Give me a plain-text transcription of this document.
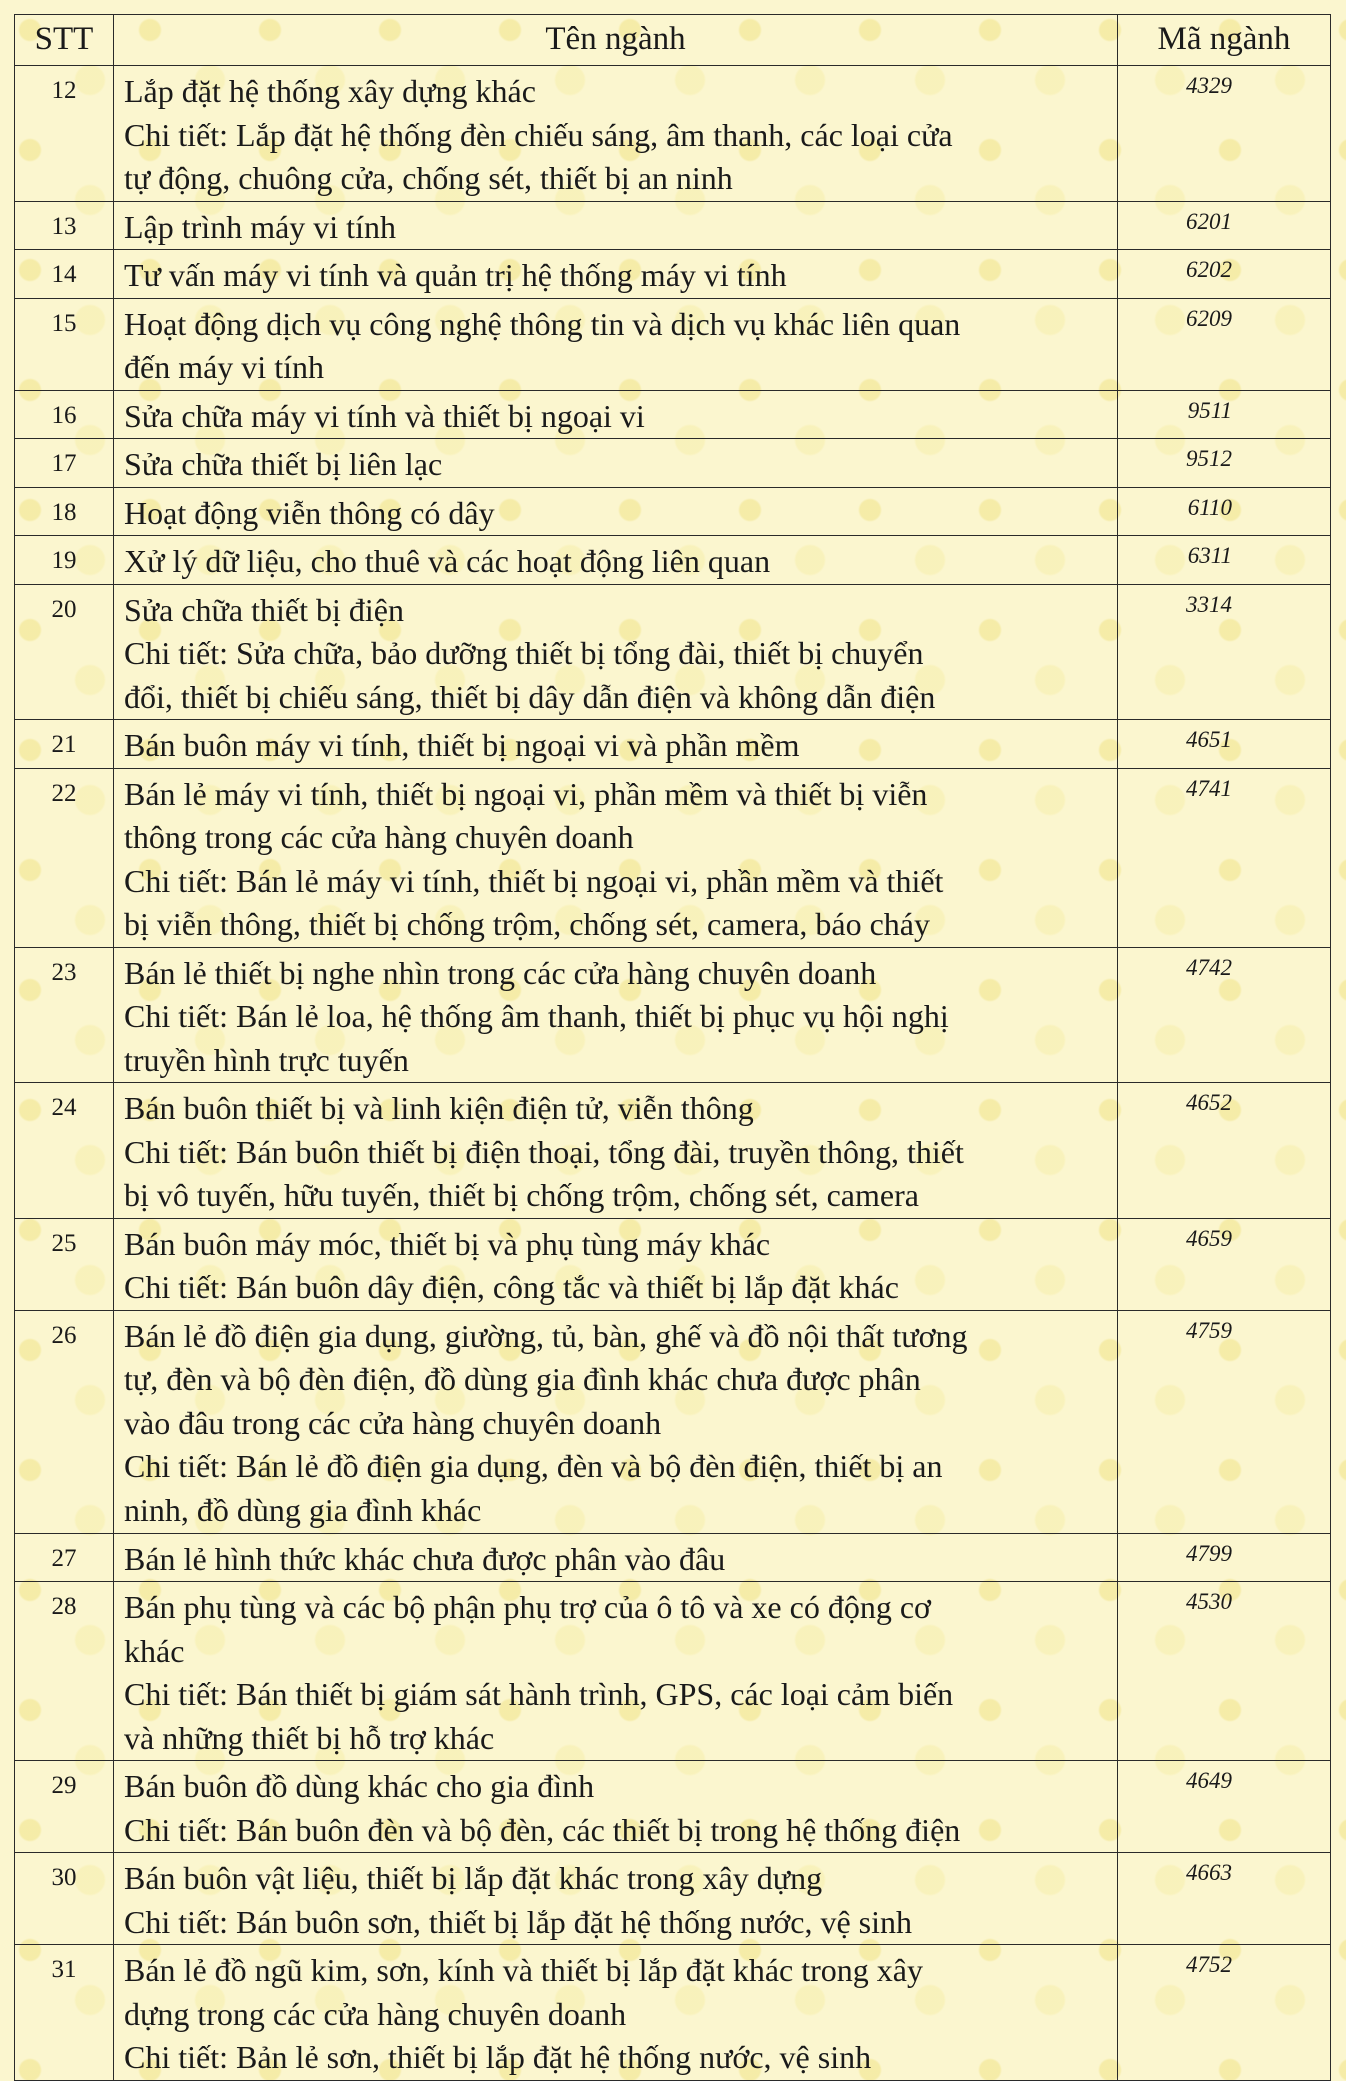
STT	Tên ngành	Mã ngành
12	Lắp đặt hệ thống xây dựng khác
Chi tiết: Lắp đặt hệ thống đèn chiếu sáng, âm thanh, các loại cửa
tự động, chuông cửa, chống sét, thiết bị an ninh	4329
13	Lập trình máy vi tính	6201
14	Tư vấn máy vi tính và quản trị hệ thống máy vi tính	6202
15	Hoạt động dịch vụ công nghệ thông tin và dịch vụ khác liên quan
đến máy vi tính	6209
16	Sửa chữa máy vi tính và thiết bị ngoại vi	9511
17	Sửa chữa thiết bị liên lạc	9512
18	Hoạt động viễn thông có dây	6110
19	Xử lý dữ liệu, cho thuê và các hoạt động liên quan	6311
20	Sửa chữa thiết bị điện
Chi tiết: Sửa chữa, bảo dưỡng thiết bị tổng đài, thiết bị chuyển
đổi, thiết bị chiếu sáng, thiết bị dây dẫn điện và không dẫn điện	3314
21	Bán buôn máy vi tính, thiết bị ngoại vi và phần mềm	4651
22	Bán lẻ máy vi tính, thiết bị ngoại vi, phần mềm và thiết bị viễn
thông trong các cửa hàng chuyên doanh
Chi tiết: Bán lẻ máy vi tính, thiết bị ngoại vi, phần mềm và thiết
bị viễn thông, thiết bị chống trộm, chống sét, camera, báo cháy	4741
23	Bán lẻ thiết bị nghe nhìn trong các cửa hàng chuyên doanh
Chi tiết: Bán lẻ loa, hệ thống âm thanh, thiết bị phục vụ hội nghị
truyền hình trực tuyến	4742
24	Bán buôn thiết bị và linh kiện điện tử, viễn thông
Chi tiết: Bán buôn thiết bị điện thoại, tổng đài, truyền thông, thiết
bị vô tuyến, hữu tuyến, thiết bị chống trộm, chống sét, camera	4652
25	Bán buôn máy móc, thiết bị và phụ tùng máy khác
Chi tiết: Bán buôn dây điện, công tắc và thiết bị lắp đặt khác	4659
26	Bán lẻ đồ điện gia dụng, giường, tủ, bàn, ghế và đồ nội thất tương
tự, đèn và bộ đèn điện, đồ dùng gia đình khác chưa được phân
vào đâu trong các cửa hàng chuyên doanh
Chi tiết: Bán lẻ đồ điện gia dụng, đèn và bộ đèn điện, thiết bị an
ninh, đồ dùng gia đình khác	4759
27	Bán lẻ hình thức khác chưa được phân vào đâu	4799
28	Bán phụ tùng và các bộ phận phụ trợ của ô tô và xe có động cơ
khác
Chi tiết: Bán thiết bị giám sát hành trình, GPS, các loại cảm biến
và những thiết bị hỗ trợ khác	4530
29	Bán buôn đồ dùng khác cho gia đình
Chi tiết: Bán buôn đèn và bộ đèn, các thiết bị trong hệ thống điện	4649
30	Bán buôn vật liệu, thiết bị lắp đặt khác trong xây dựng
Chi tiết: Bán buôn sơn, thiết bị lắp đặt hệ thống nước, vệ sinh	4663
31	Bán lẻ đồ ngũ kim, sơn, kính và thiết bị lắp đặt khác trong xây
dựng trong các cửa hàng chuyên doanh
Chi tiết: Bản lẻ sơn, thiết bị lắp đặt hệ thống nước, vệ sinh	4752
